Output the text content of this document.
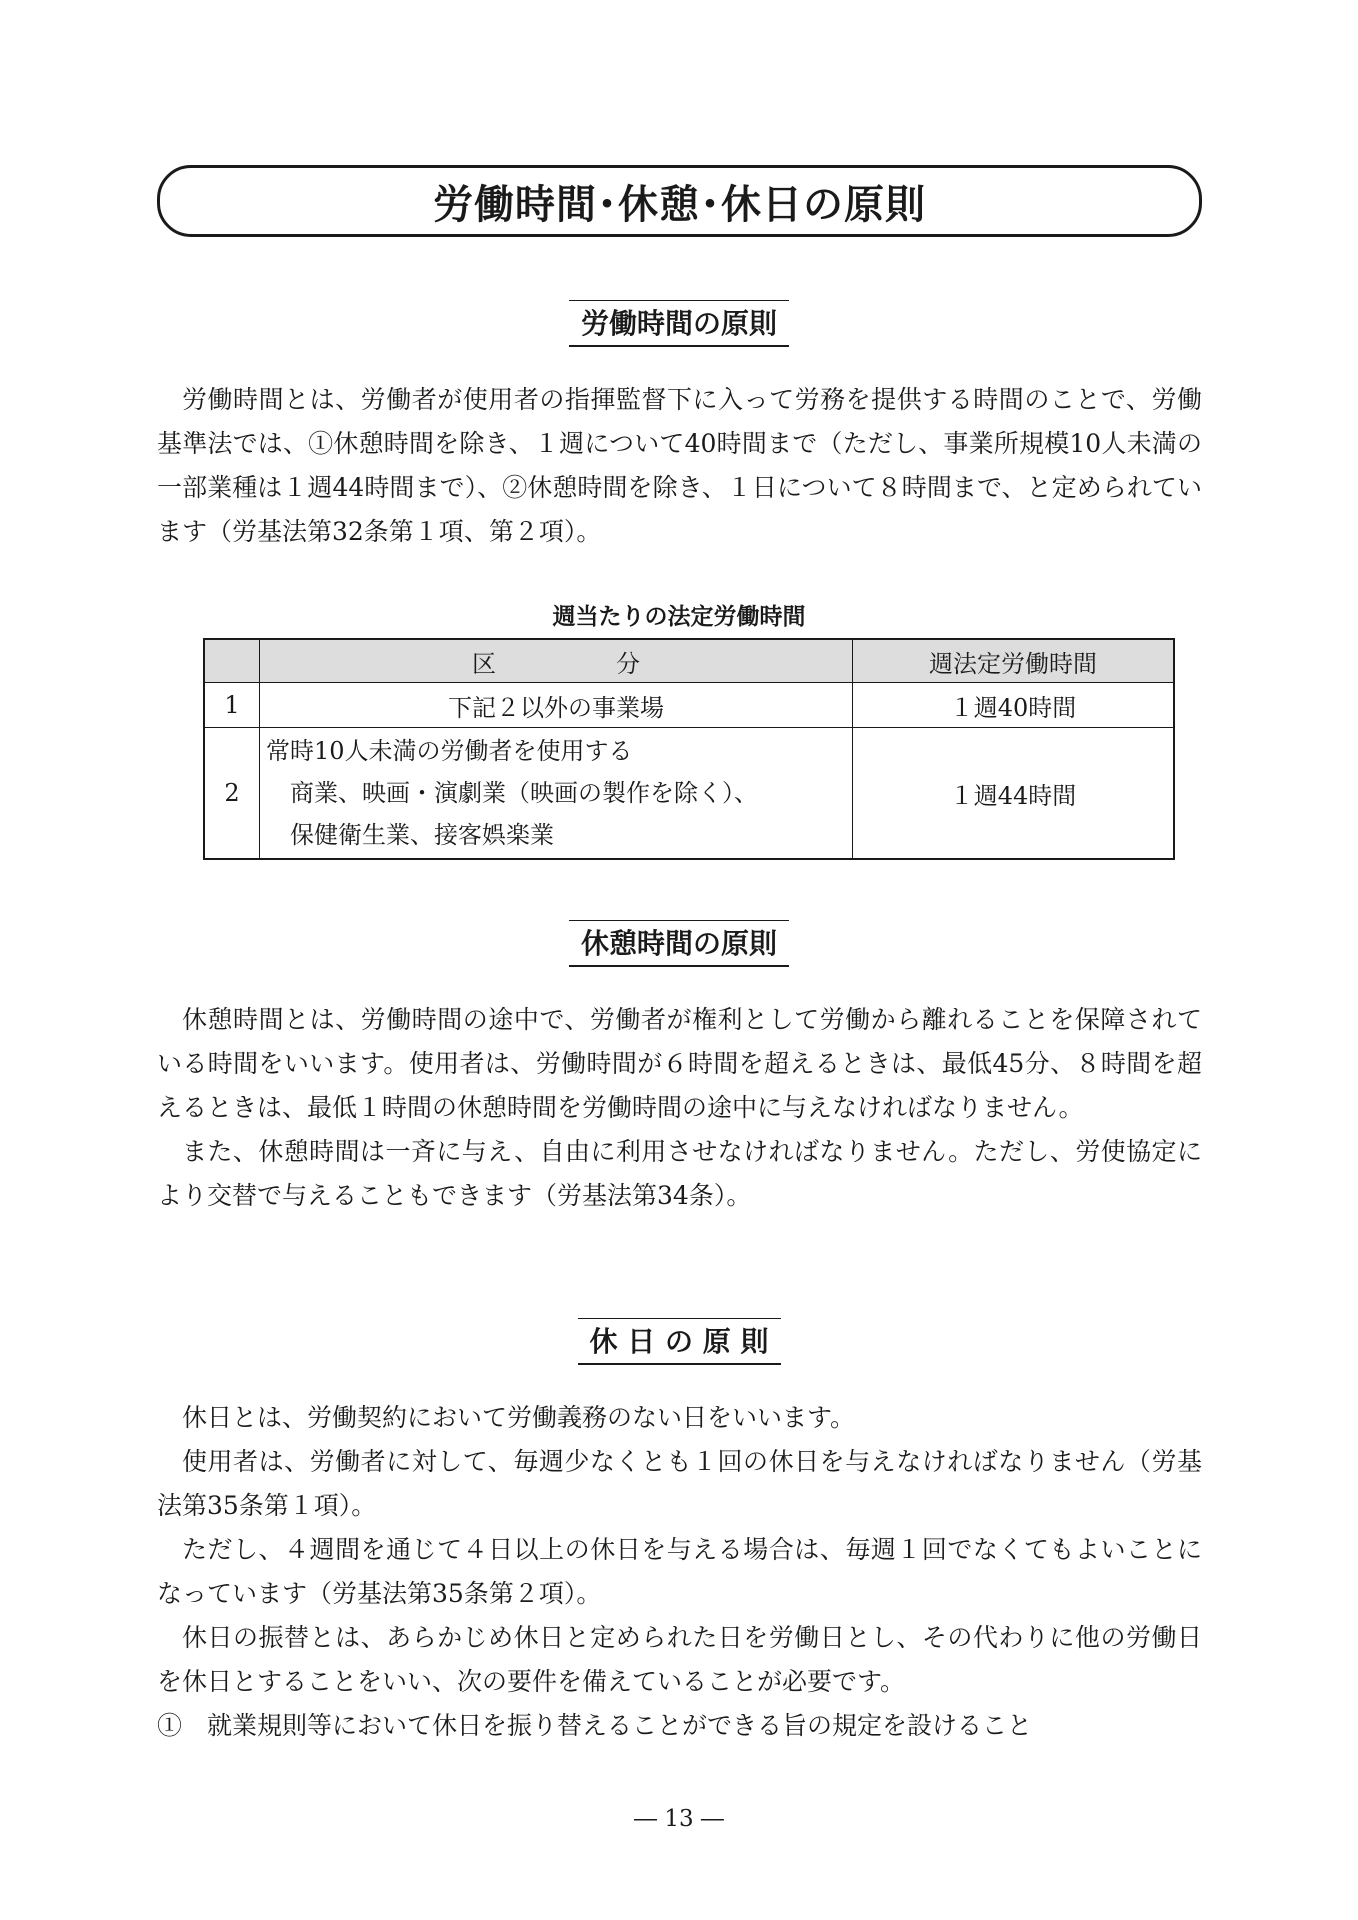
労働時間･休憩･休日の原則
労働時間の原則

労働時間とは、労働者が使用者の指揮監督下に入って労務を提供する時間のことで、労働基準法では、①休憩時間を除き、１週について40時間まで（ただし、事業所規模10人未満の一部業種は１週44時間まで）、②休憩時間を除き、１日について８時間まで、と定められています（労基法第32条第１項、第２項）。

週当たりの法定労働時間
	区　　　　　分	週法定労働時間
1	下記２以外の事業場	１週40時間
2	常時10人未満の労働者を使用する
商業、映画・演劇業（映画の製作を除く）、
保健衛生業、接客娯楽業	１週44時間
休憩時間の原則

休憩時間とは、労働時間の途中で、労働者が権利として労働から離れることを保障されている時間をいいます。使用者は、労働時間が６時間を超えるときは、最低45分、８時間を超えるときは、最低１時間の休憩時間を労働時間の途中に与えなければなりません。

また、休憩時間は一斉に与え、自由に利用させなければなりません。ただし、労使協定により交替で与えることもできます（労基法第34条）。

休 日 の 原 則

休日とは、労働契約において労働義務のない日をいいます。

使用者は、労働者に対して、毎週少なくとも１回の休日を与えなければなりません（労基法第35条第１項）。

ただし、４週間を通じて４日以上の休日を与える場合は、毎週１回でなくてもよいことになっています（労基法第35条第２項）。

休日の振替とは、あらかじめ休日と定められた日を労働日とし、その代わりに他の労働日を休日とすることをいい、次の要件を備えていることが必要です。

①　就業規則等において休日を振り替えることができる旨の規定を設けること

― 13 ―
